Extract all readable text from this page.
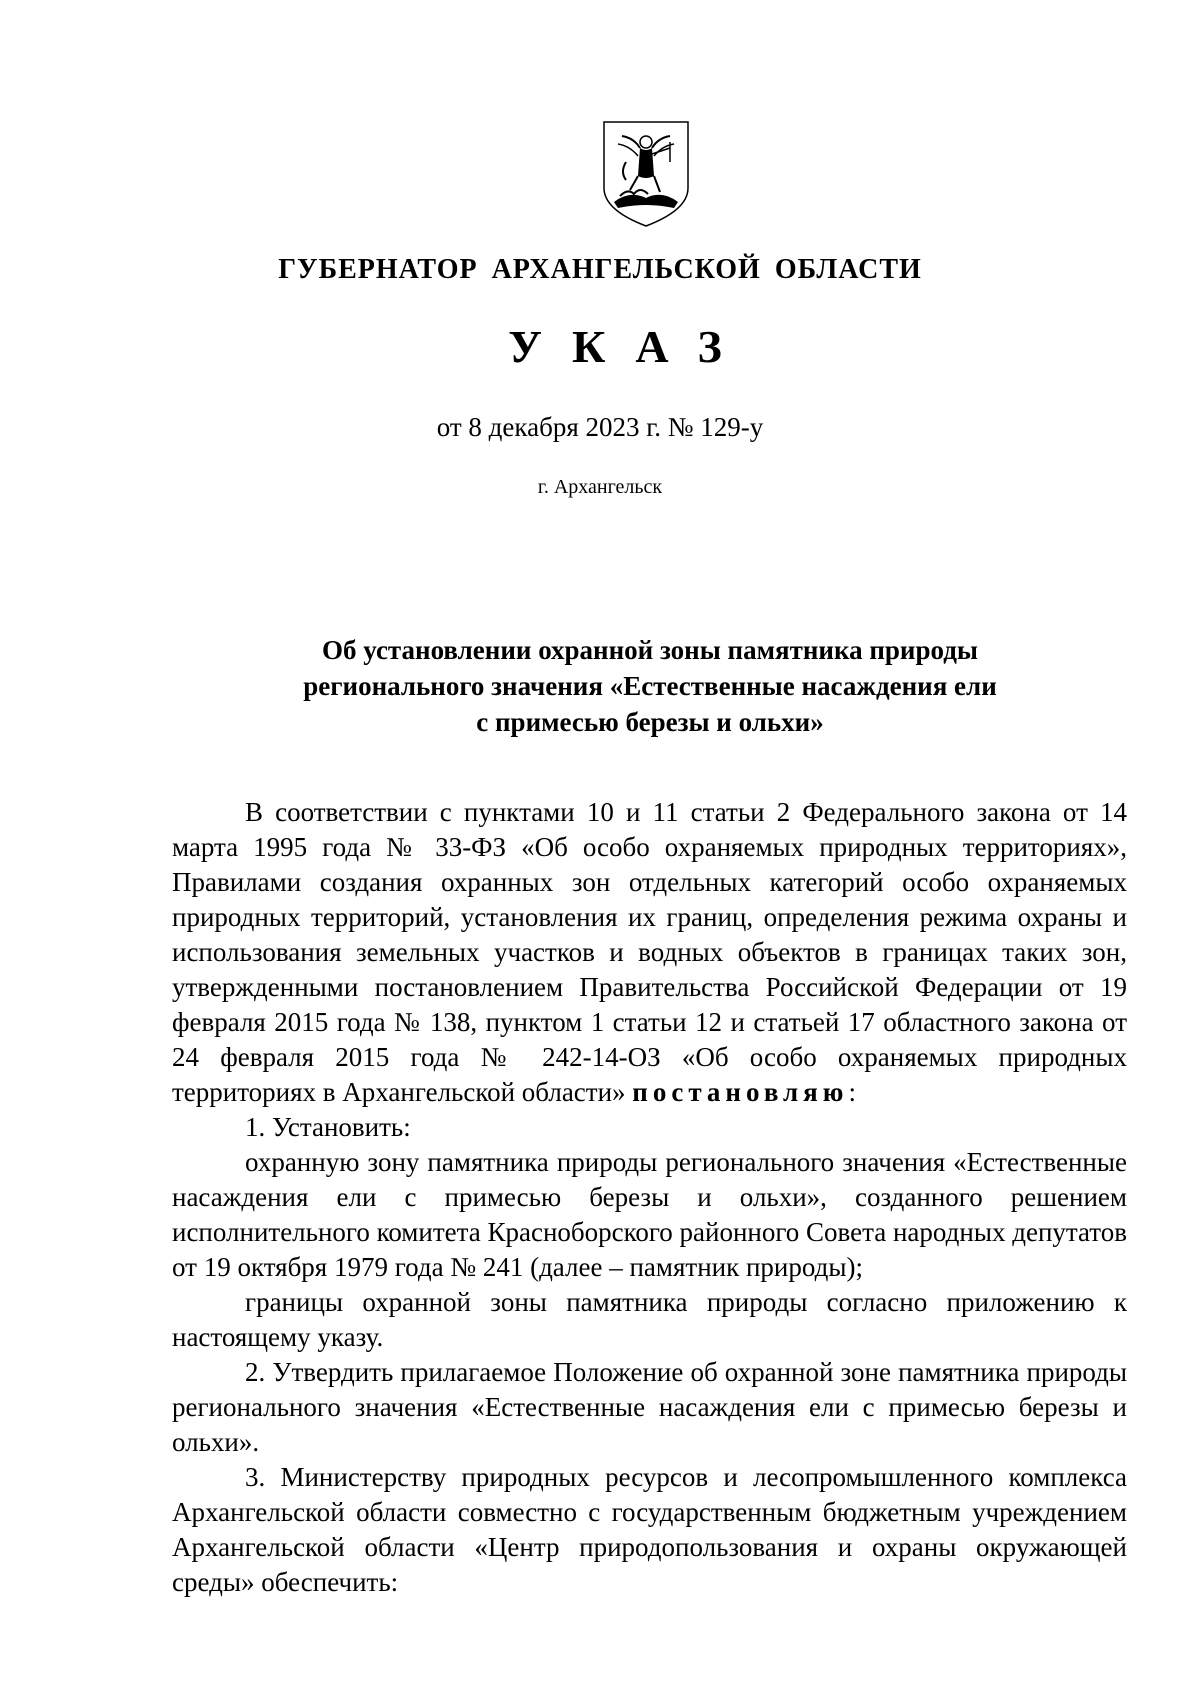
ГУБЕРНАТОР АРХАНГЕЛЬСКОЙ ОБЛАСТИ
УКАЗ
от 8 декабря 2023 г. № 129-у
г. Архангельск
Об установлении охранной зоны памятника природы
регионального значения «Естественные насаждения ели
с примесью березы и ольхи»

В соответствии с пунктами 10 и 11 статьи 2 Федерального закона от 14 марта 1995 года № 33-ФЗ «Об особо охраняемых природных территориях», Правилами создания охранных зон отдельных категорий особо охраняемых природных территорий, установления их границ, определения режима охраны и использования земельных участков и водных объектов в границах таких зон, утвержденными постановлением Правительства Российской Федерации от 19 февраля 2015 года № 138, пунктом 1 статьи 12 и статьей 17 областного закона от 24 февраля 2015 года № 242-14-ОЗ «Об особо охраняемых природных территориях в Архангельской области» постановляю:

1. Установить:

охранную зону памятника природы регионального значения «Естественные насаждения ели с примесью березы и ольхи», созданного решением исполнительного комитета Красноборского районного Совета народных депутатов от 19 октября 1979 года № 241 (далее – памятник природы);

границы охранной зоны памятника природы согласно приложению к настоящему указу.

2. Утвердить прилагаемое Положение об охранной зоне памятника природы регионального значения «Естественные насаждения ели с примесью березы и ольхи».

3. Министерству природных ресурсов и лесопромышленного комплекса Архангельской области совместно с государственным бюджетным учреждением Архангельской области «Центр природопользования и охраны окружающей среды» обеспечить:
